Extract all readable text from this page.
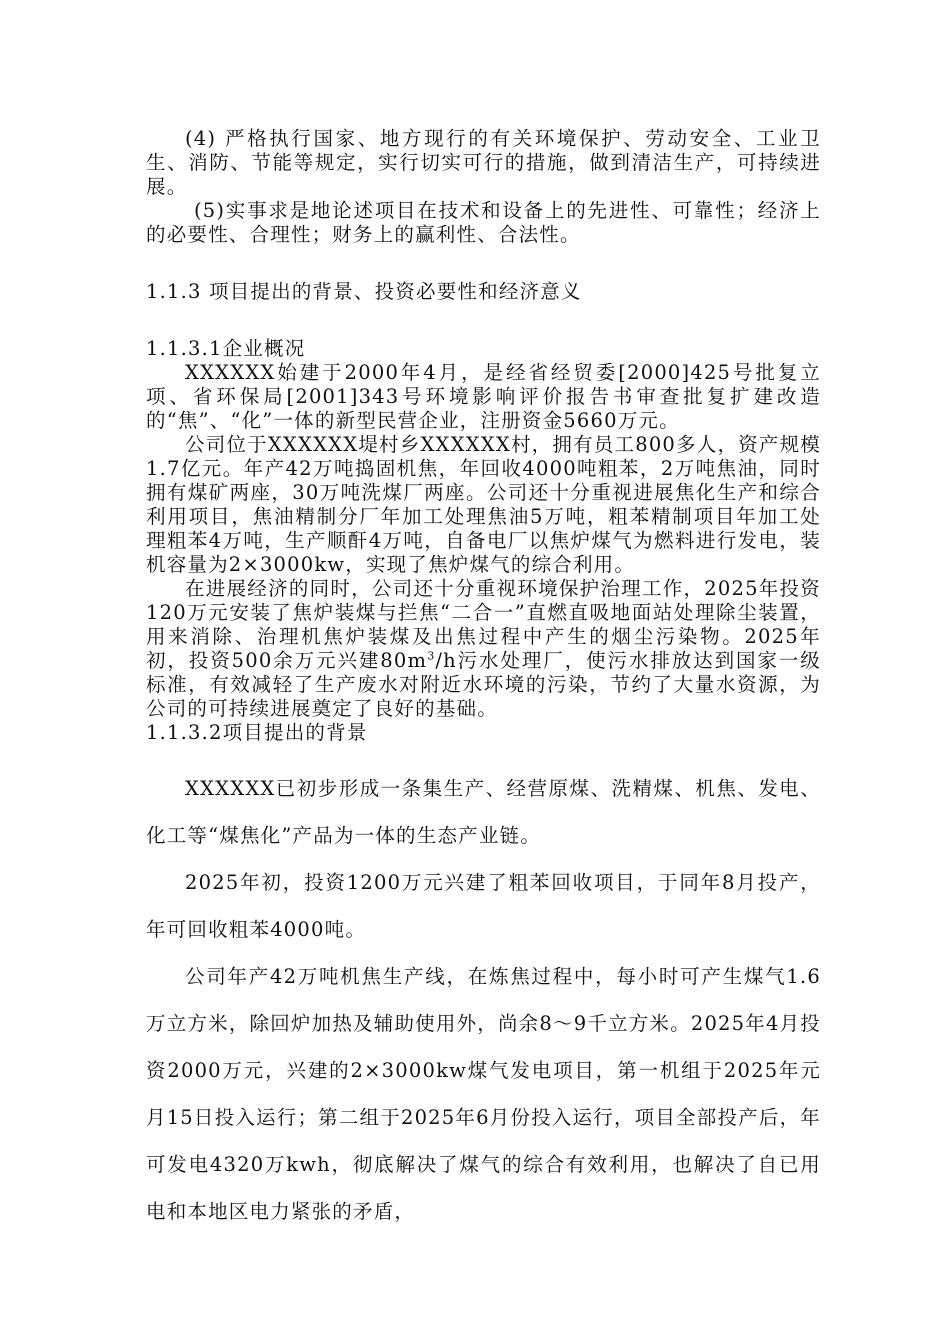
(4) 严格执行国家、地方现行的有关环境保护、劳动安全、工业卫生、消防、节能等规定，实行切实可行的措施，做到清洁生产，可持续进展。

(5)实事求是地论述项目在技术和设备上的先进性、可靠性；经济上的必要性、合理性；财务上的赢利性、合法性。

1.1.3 项目提出的背景、投资必要性和经济意义

1.1.3.1企业概况

XXXXXX始建于2000年4月，是经省经贸委[2000]425号批复立项、省环保局[2001]343号环境影响评价报告书审查批复扩建改造的“焦”、“化”一体的新型民营企业，注册资金5660万元。

公司位于XXXXXX堤村乡XXXXXX村，拥有员工800多人，资产规模1.7亿元。年产42万吨捣固机焦，年回收4000吨粗苯，2万吨焦油，同时拥有煤矿两座，30万吨洗煤厂两座。公司还十分重视进展焦化生产和综合利用项目，焦油精制分厂年加工处理焦油5万吨，粗苯精制项目年加工处理粗苯4万吨，生产顺酐4万吨，自备电厂以焦炉煤气为燃料进行发电，装机容量为2×3000kw，实现了焦炉煤气的综合利用。

在进展经济的同时，公司还十分重视环境保护治理工作，2025年投资120万元安装了焦炉装煤与拦焦“二合一”直燃直吸地面站处理除尘装置，用来消除、治理机焦炉装煤及出焦过程中产生的烟尘污染物。2025年初，投资500余万元兴建$80m^3/h$污水处理厂，使污水排放达到国家一级标准，有效减轻了生产废水对附近水环境的污染，节约了大量水资源，为公司的可持续进展奠定了良好的基础。

1.1.3.2项目提出的背景

XXXXXX已初步形成一条集生产、经营原煤、洗精煤、机焦、发电、化工等“煤焦化”产品为一体的生态产业链。

2025年初，投资1200万元兴建了粗苯回收项目，于同年8月投产，年可回收粗苯4000吨。

公司年产42万吨机焦生产线，在炼焦过程中，每小时可产生煤气1.6万立方米，除回炉加热及辅助使用外，尚余8～9千立方米。2025年4月投资2000万元，兴建的2×3000kw煤气发电项目，第一机组于2025年元月15日投入运行；第二组于2025年6月份投入运行，项目全部投产后，年可发电4320万kwh，彻底解决了煤气的综合有效利用，也解决了自已用电和本地区电力紧张的矛盾，
